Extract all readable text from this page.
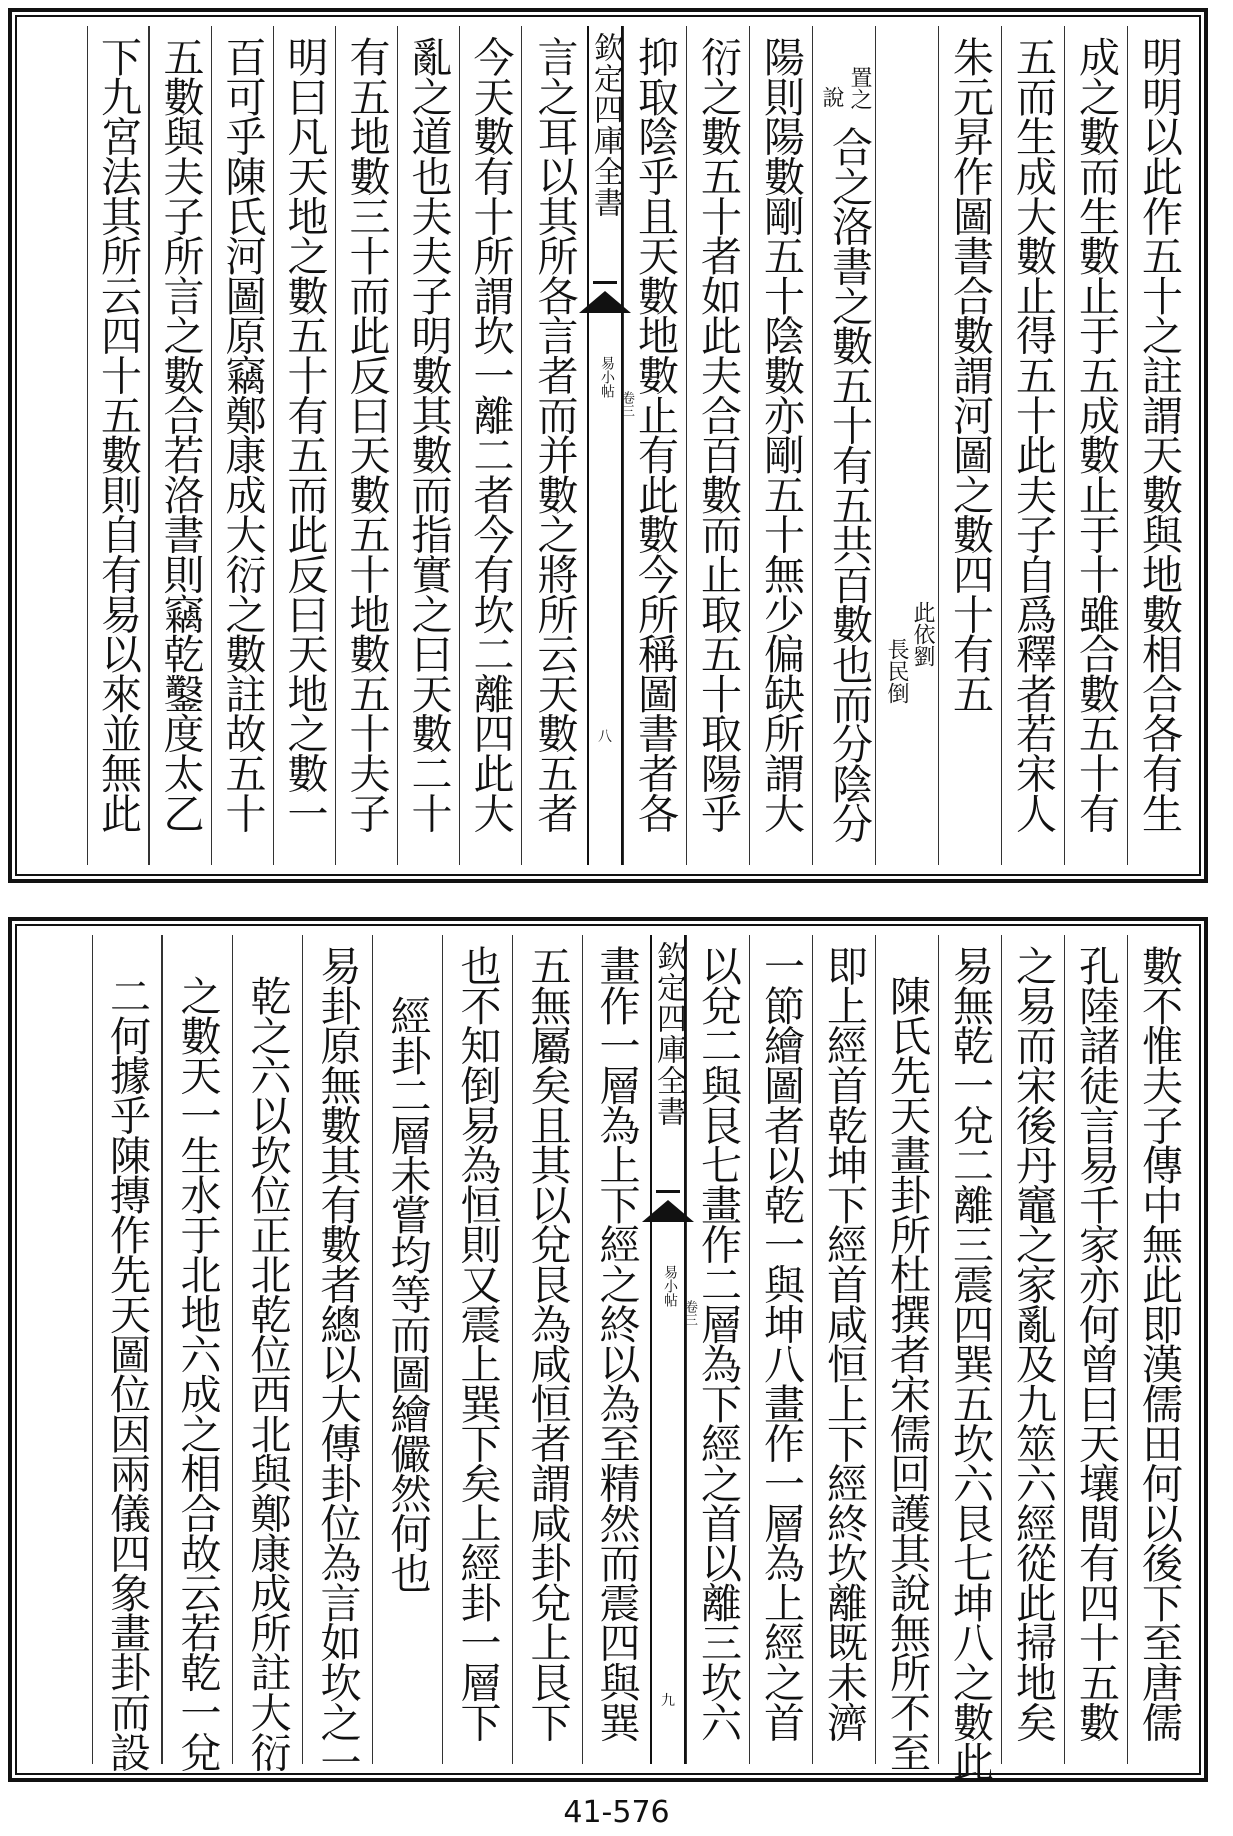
明明以此作五十之註謂天數與地數相合各有生
成之數而生數止于五成數止于十雖合數五十有
五而生成大數止得五十此夫子自爲釋者若宋人
朱元昇作圖書合數謂河圖之數四十有五
此依劉
長民倒
置之
說
合之洛書之數五十有五共百數也而分陰分
陽則陽數剛五十陰數亦剛五十無少偏缺所謂大
衍之數五十者如此夫合百數而止取五十取陽乎
抑取陰乎且天數地數止有此數今所稱圖書者各
欽定四庫全書
易小帖
卷三
八
言之耳以其所各言者而并數之將所云天數五者
今天數有十所謂坎一離二者今有坎二離四此大
亂之道也夫夫子明數其數而指實之曰天數二十
有五地數三十而此反曰天數五十地數五十夫子
明曰凡天地之數五十有五而此反曰天地之數一
百可乎陳氏河圖原竊鄭康成大衍之數註故五十
五數與夫子所言之數合若洛書則竊乾鑿度太乙
下九宮法其所云四十五數則自有易以來並無此
數不惟夫子傳中無此即漢儒田何以後下至唐儒
孔陸諸徒言易千家亦何曾曰天壤間有四十五數
之易而宋後丹竈之家亂及九筮六經從此掃地矣
易無乾一兌二離三震四巽五坎六艮七坤八之數此
陳氏先天畫卦所杜撰者宋儒回護其說無所不至
即上經首乾坤下經首咸恒上下經終坎離既未濟
一節繪圖者以乾一與坤八畫作一層為上經之首
以兌二與艮七畫作二層為下經之首以離三坎六
欽定四庫全書
易小帖
卷三
九
畫作一層為上下經之終以為至精然而震四與巽
五無屬矣且其以兌艮為咸恒者謂咸卦兌上艮下
也不知倒易為恒則又震上巽下矣上經卦一層下
經卦二層未嘗均等而圖繪儼然何也
易卦原無數其有數者總以大傳卦位為言如坎之一
乾之六以坎位正北乾位西北與鄭康成所註大衍
之數天一生水于北地六成之相合故云若乾一兌
二何據乎陳摶作先天圖位因兩儀四象畫卦而設
41-576
